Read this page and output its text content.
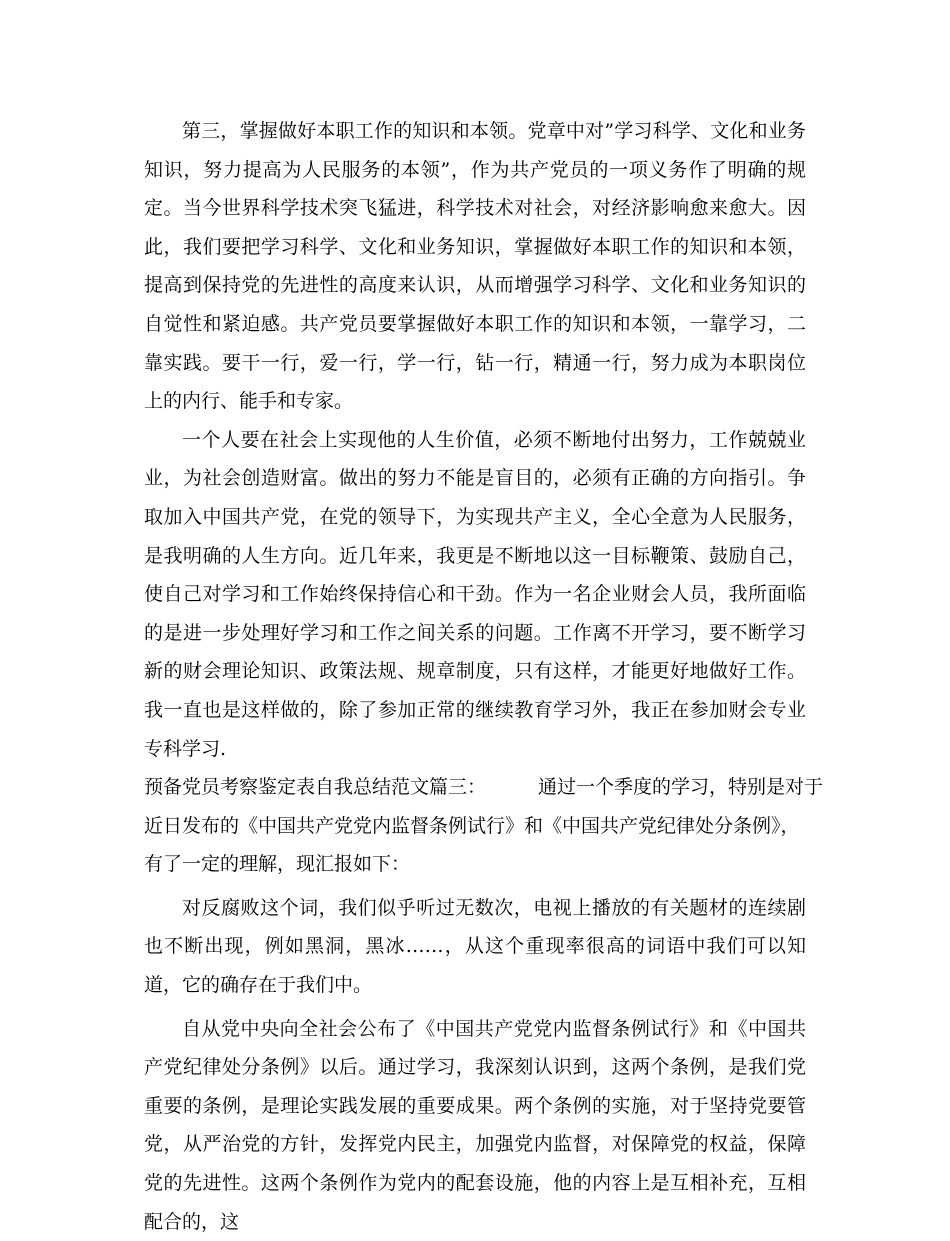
第三，掌握做好本职工作的知识和本领。党章中对”学习科学、文化和业务知识，努力提高为人民服务的本领”，作为共产党员的一项义务作了明确的规定。当今世界科学技术突飞猛进，科学技术对社会，对经济影响愈来愈大。因此，我们要把学习科学、文化和业务知识，掌握做好本职工作的知识和本领，提高到保持党的先进性的高度来认识，从而增强学习科学、文化和业务知识的自觉性和紧迫感。共产党员要掌握做好本职工作的知识和本领，一靠学习，二靠实践。要干一行，爱一行，学一行，钻一行，精通一行，努力成为本职岗位上的内行、能手和专家。

一个人要在社会上实现他的人生价值，必须不断地付出努力，工作兢兢业业，为社会创造财富。做出的努力不能是盲目的，必须有正确的方向指引。争取加入中国共产党，在党的领导下，为实现共产主义，全心全意为人民服务，是我明确的人生方向。近几年来，我更是不断地以这一目标鞭策、鼓励自己，使自己对学习和工作始终保持信心和干劲。作为一名企业财会人员，我所面临的是进一步处理好学习和工作之间关系的问题。工作离不开学习，要不断学习新的财会理论知识、政策法规、规章制度，只有这样，才能更好地做好工作。我一直也是这样做的，除了参加正常的继续教育学习外，我正在参加财会专业专科学习.

预备党员考察鉴定表自我总结范文篇三：	通过一个季度的学习，特别是对于

近日发布的《中国共产党党内监督条例试行》和《中国共产党纪律处分条例》，

有了一定的理解，现汇报如下：

对反腐败这个词，我们似乎听过无数次，电视上播放的有关题材的连续剧也不断出现，例如黑洞，黑冰……，从这个重现率很高的词语中我们可以知道，它的确存在于我们中。

自从党中央向全社会公布了《中国共产党党内监督条例试行》和《中国共产党纪律处分条例》以后。通过学习，我深刻认识到，这两个条例，是我们党重要的条例，是理论实践发展的重要成果。两个条例的实施，对于坚持党要管党，从严治党的方针，发挥党内民主，加强党内监督，对保障党的权益，保障党的先进性。这两个条例作为党内的配套设施，他的内容上是互相补充，互相配合的，这
